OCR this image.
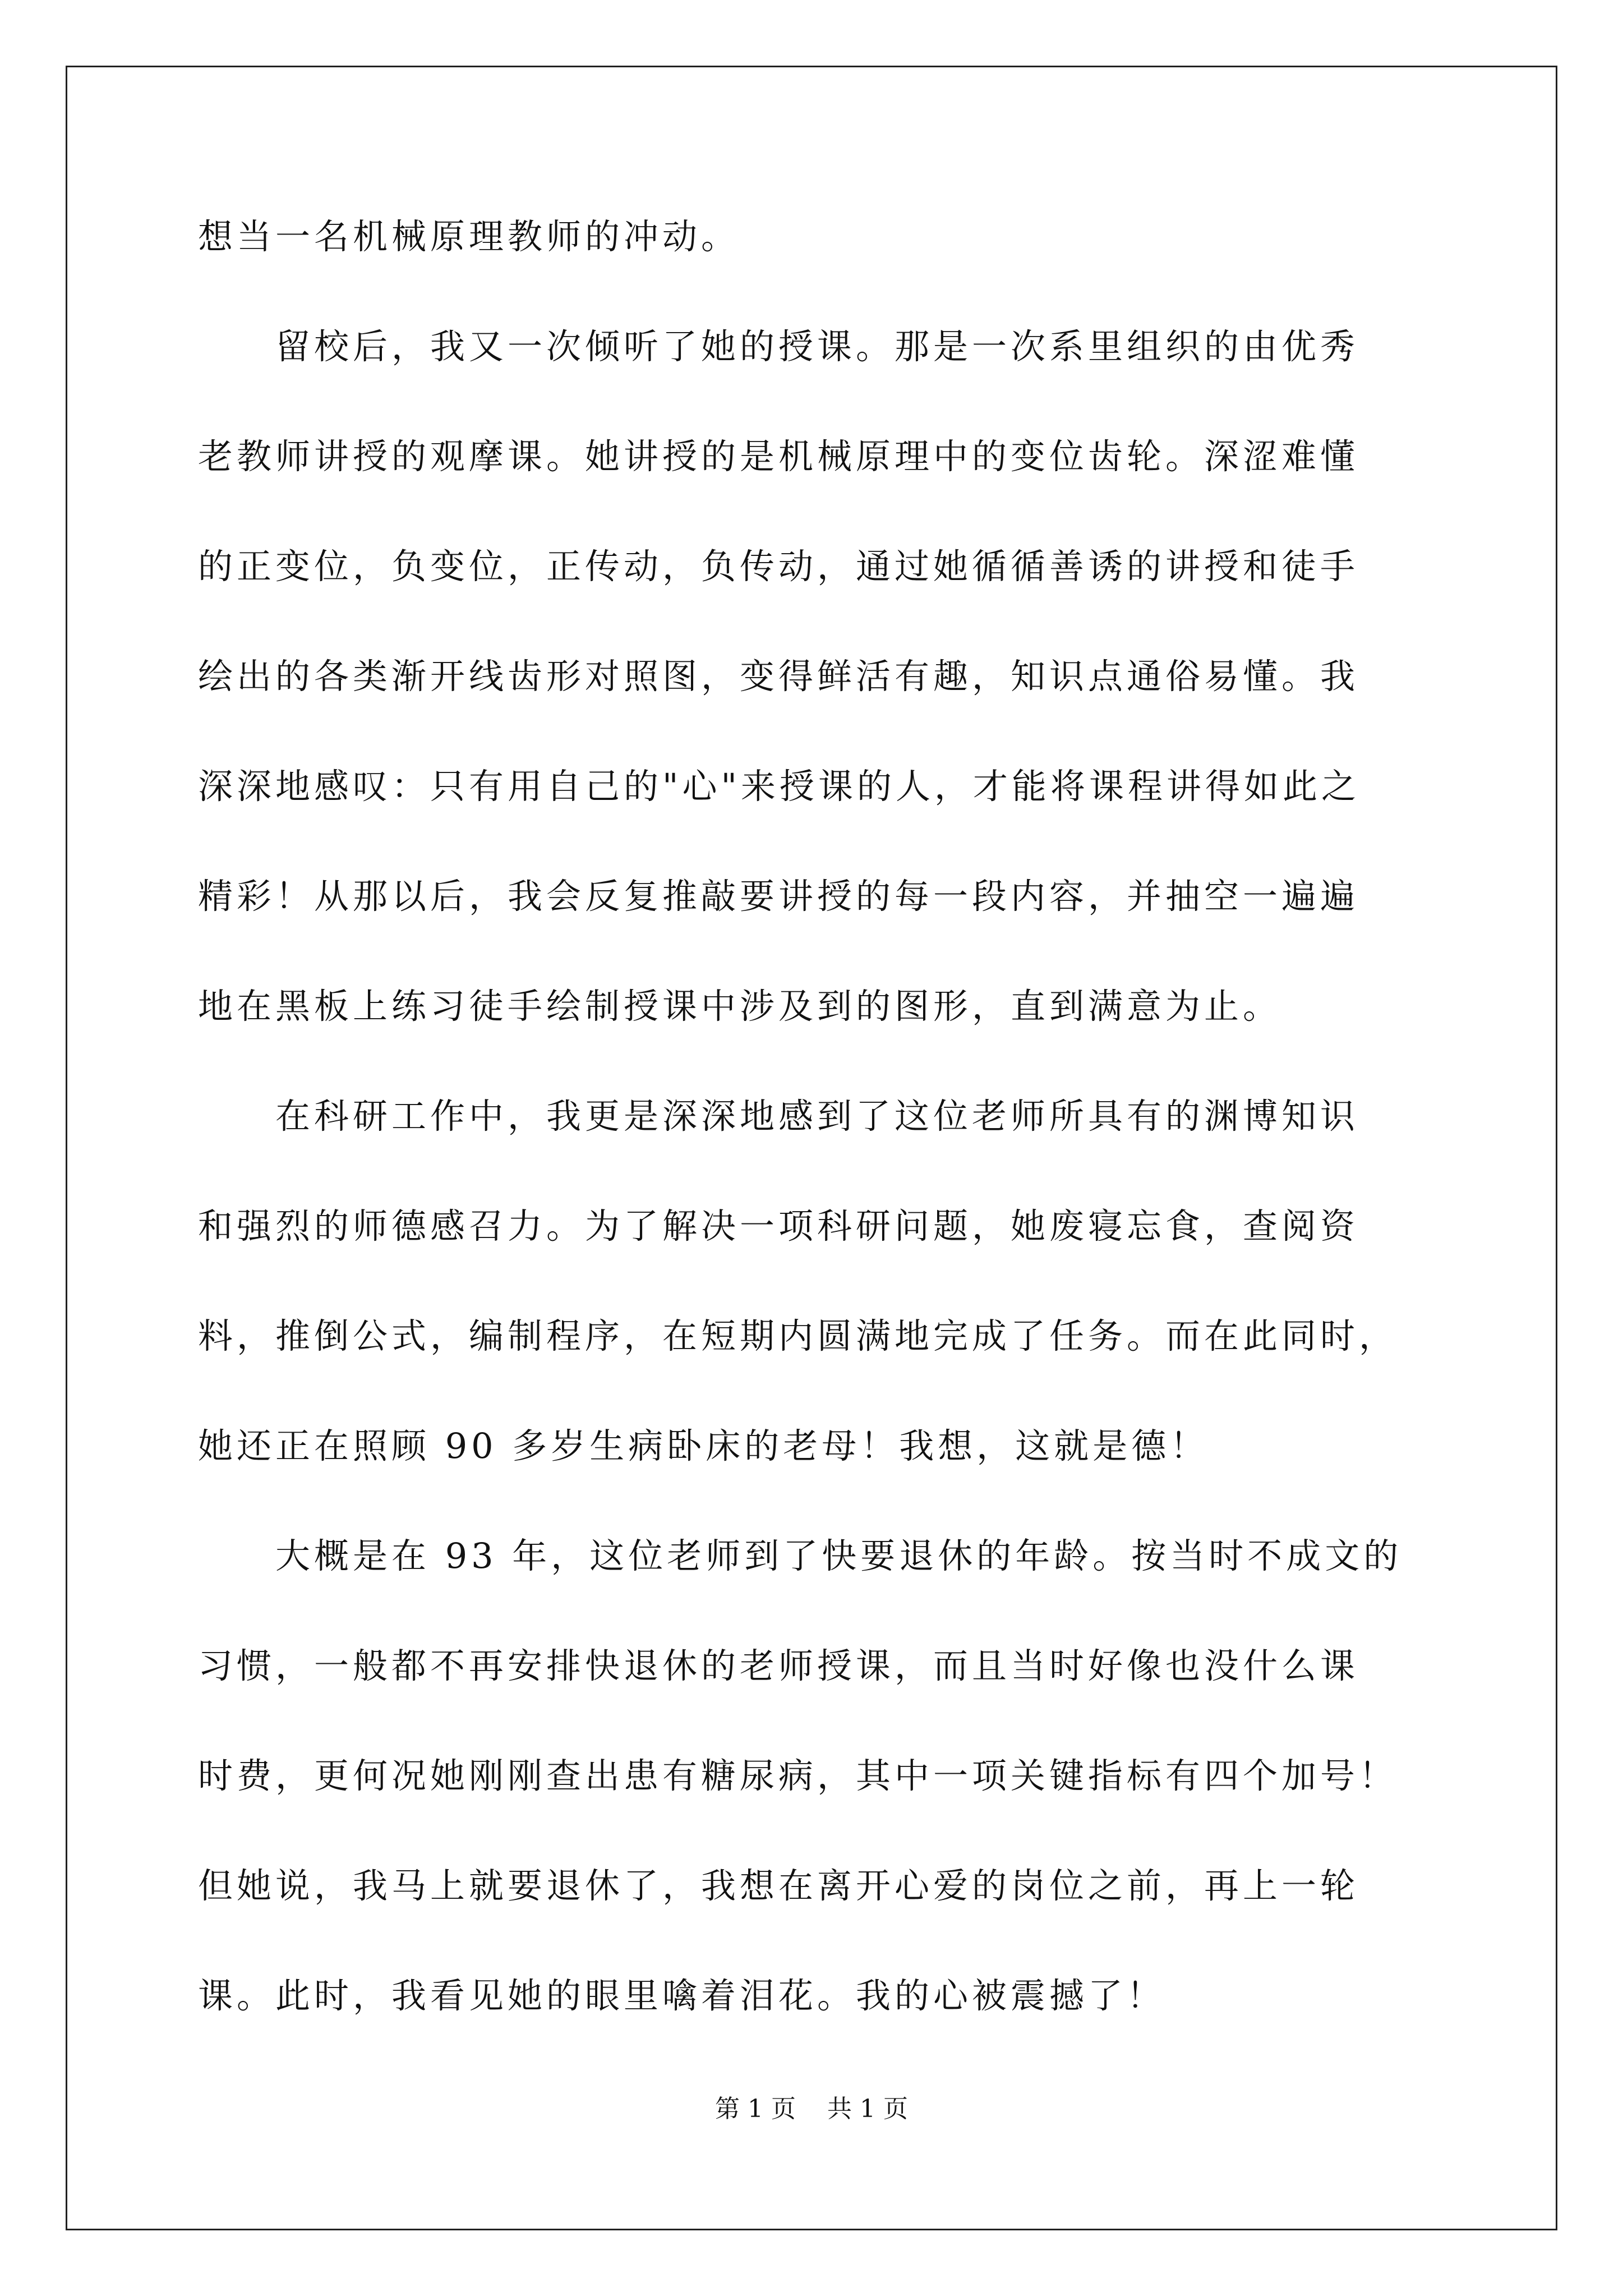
想当一名机械原理教师的冲动。
　　留校后，我又一次倾听了她的授课。那是一次系里组织的由优秀
老教师讲授的观摩课。她讲授的是机械原理中的变位齿轮。深涩难懂
的正变位，负变位，正传动，负传动，通过她循循善诱的讲授和徒手
绘出的各类渐开线齿形对照图，变得鲜活有趣，知识点通俗易懂。我
深深地感叹：只有用自己的"心"来授课的人，才能将课程讲得如此之
精彩！从那以后，我会反复推敲要讲授的每一段内容，并抽空一遍遍
地在黑板上练习徒手绘制授课中涉及到的图形，直到满意为止。
　　在科研工作中，我更是深深地感到了这位老师所具有的渊博知识
和强烈的师德感召力。为了解决一项科研问题，她废寝忘食，查阅资
料，推倒公式，编制程序，在短期内圆满地完成了任务。而在此同时，
她还正在照顾 90 多岁生病卧床的老母！我想，这就是德！
　　大概是在 93 年，这位老师到了快要退休的年龄。按当时不成文的
习惯，一般都不再安排快退休的老师授课，而且当时好像也没什么课
时费，更何况她刚刚查出患有糖尿病，其中一项关键指标有四个加号！
但她说，我马上就要退休了，我想在离开心爱的岗位之前，再上一轮
课。此时，我看见她的眼里噙着泪花。我的心被震撼了！
第 1 页 共 1 页
